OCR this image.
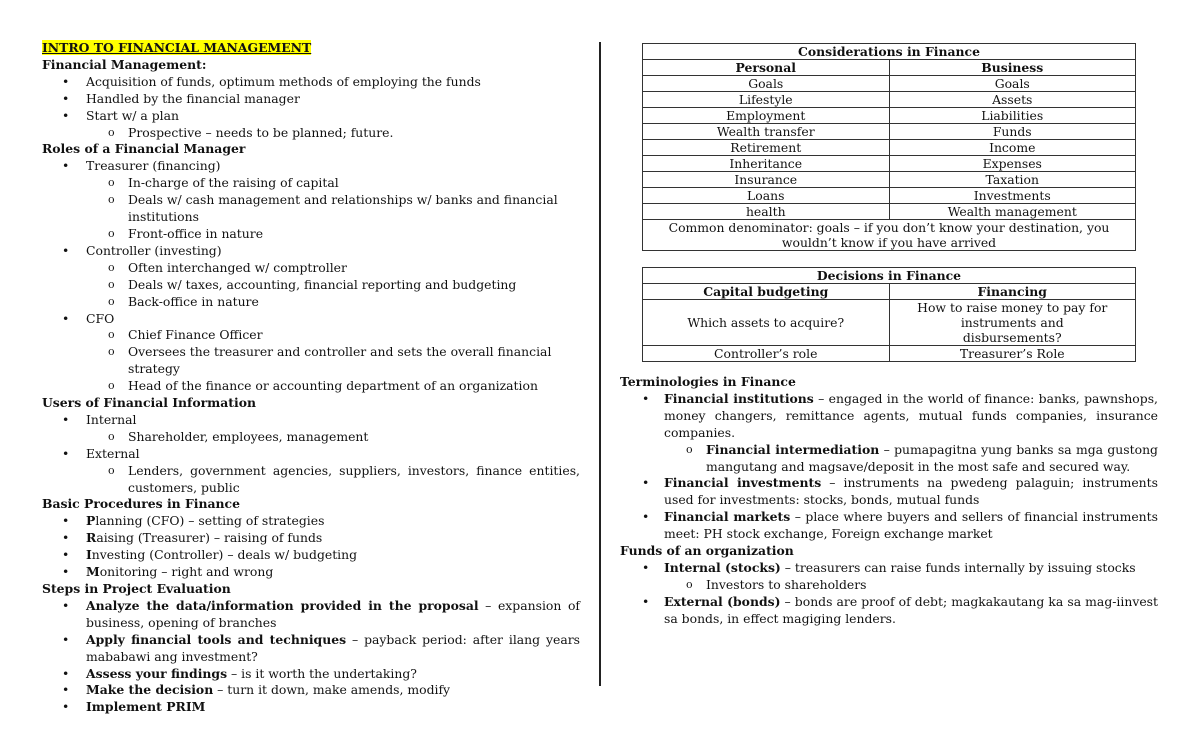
INTRO TO FINANCIAL MANAGEMENT
Financial Management:
• Acquisition of funds, optimum methods of employing the funds
• Handled by the financial manager
• Start w/ a plan
o Prospective – needs to be planned; future.
Roles of a Financial Manager
• Treasurer (financing)
o In-charge of the raising of capital
o Deals w/ cash management and relationships w/ banks and financial institutions
o Front-office in nature
• Controller (investing)
o Often interchanged w/ comptroller
o Deals w/ taxes, accounting, financial reporting and budgeting
o Back-office in nature
• CFO
o Chief Finance Officer
o Oversees the treasurer and controller and sets the overall financial strategy
o Head of the finance or accounting department of an organization
Users of Financial Information
• Internal
o Shareholder, employees, management
• External
o Lenders, government agencies, suppliers, investors, finance entities, customers, public
Basic Procedures in Finance
• Planning (CFO) – setting of strategies
• Raising (Treasurer) – raising of funds
• Investing (Controller) – deals w/ budgeting
• Monitoring – right and wrong
Steps in Project Evaluation
• Analyze the data/information provided in the proposal – expansion of business, opening of branches
• Apply financial tools and techniques – payback period: after ilang years mababawi ang investment?
• Assess your findings – is it worth the undertaking?
• Make the decision – turn it down, make amends, modify
• Implement PRIM
Considerations in Finance	
Personal	Business
Goals	Goals
Lifestyle	Assets
Employment	Liabilities
Wealth transfer	Funds
Retirement	Income
Inheritance	Expenses
Insurance	Taxation
Loans	Investments
health	Wealth management
Common denominator: goals – if you don’t know your destination, you wouldn’t know if you have arrived	
Decisions in Finance	
Capital budgeting	Financing
Which assets to acquire?	How to raise money to pay for instruments and disbursements?
Controller’s role	Treasurer’s Role
Terminologies in Finance
• Financial institutions – engaged in the world of finance: banks, pawnshops, money changers, remittance agents, mutual funds companies, insurance companies.
o Financial intermediation – pumapagitna yung banks sa mga gustong mangutang and magsave/deposit in the most safe and secured way.
• Financial investments – instruments na pwedeng palaguin; instruments used for investments: stocks, bonds, mutual funds
• Financial markets – place where buyers and sellers of financial instruments meet: PH stock exchange, Foreign exchange market
Funds of an organization
• Internal (stocks) – treasurers can raise funds internally by issuing stocks
o Investors to shareholders
• External (bonds) – bonds are proof of debt; magkakautang ka sa mag-iinvest sa bonds, in effect magiging lenders.
